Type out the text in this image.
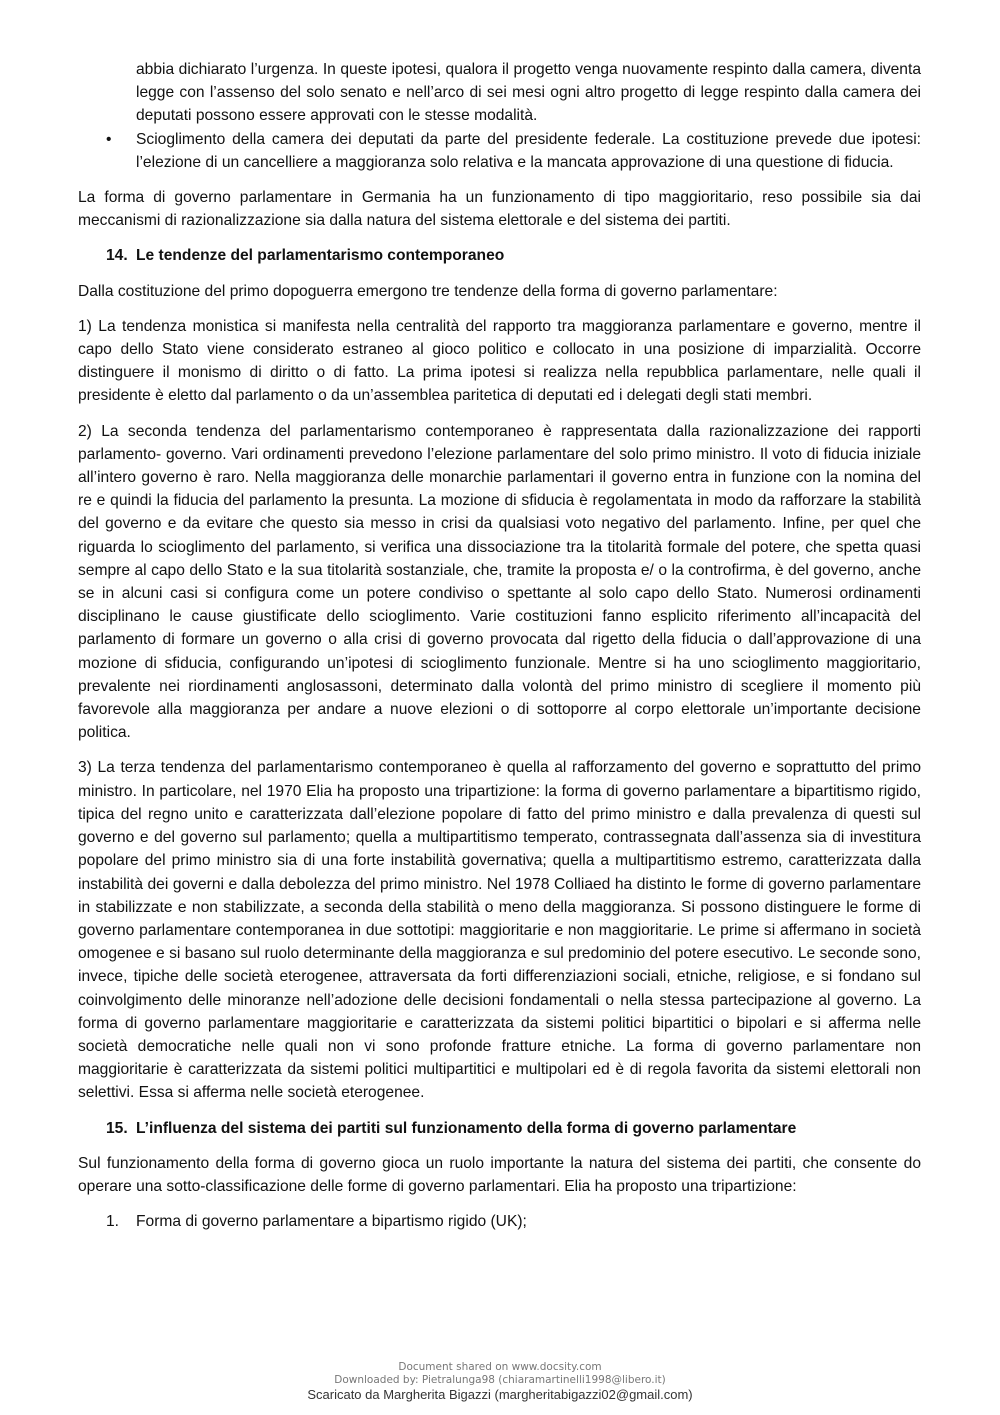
abbia dichiarato l’urgenza. In queste ipotesi, qualora il progetto venga nuovamente respinto dalla camera, diventa legge con l’assenso del solo senato e nell’arco di sei mesi ogni altro progetto di legge respinto dalla camera dei deputati possono essere approvati con le stesse modalità.

• Scioglimento della camera dei deputati da parte del presidente federale. La costituzione prevede due ipotesi: l’elezione di un cancelliere a maggioranza solo relativa e la mancata approvazione di una questione di fiducia.

La forma di governo parlamentare in Germania ha un funzionamento di tipo maggioritario, reso possibile sia dai meccanismi di razionalizzazione sia dalla natura del sistema elettorale e del sistema dei partiti.

14. Le tendenze del parlamentarismo contemporaneo

Dalla costituzione del primo dopoguerra emergono tre tendenze della forma di governo parlamentare:

1) La tendenza monistica si manifesta nella centralità del rapporto tra maggioranza parlamentare e governo, mentre il capo dello Stato viene considerato estraneo al gioco politico e collocato in una posizione di imparzialità. Occorre distinguere il monismo di diritto o di fatto. La prima ipotesi si realizza nella repubblica parlamentare, nelle quali il presidente è eletto dal parlamento o da un’assemblea paritetica di deputati ed i delegati degli stati membri.

2) La seconda tendenza del parlamentarismo contemporaneo è rappresentata dalla razionalizzazione dei rapporti parlamento- governo. Vari ordinamenti prevedono l’elezione parlamentare del solo primo ministro. Il voto di fiducia iniziale all’intero governo è raro. Nella maggioranza delle monarchie parlamentari il governo entra in funzione con la nomina del re e quindi la fiducia del parlamento la presunta. La mozione di sfiducia è regolamentata in modo da rafforzare la stabilità del governo e da evitare che questo sia messo in crisi da qualsiasi voto negativo del parlamento. Infine, per quel che riguarda lo scioglimento del parlamento, si verifica una dissociazione tra la titolarità formale del potere, che spetta quasi sempre al capo dello Stato e la sua titolarità sostanziale, che, tramite la proposta e/ o la controfirma, è del governo, anche se in alcuni casi si configura come un potere condiviso o spettante al solo capo dello Stato. Numerosi ordinamenti disciplinano le cause giustificate dello scioglimento. Varie costituzioni fanno esplicito riferimento all’incapacità del parlamento di formare un governo o alla crisi di governo provocata dal rigetto della fiducia o dall’approvazione di una mozione di sfiducia, configurando un’ipotesi di scioglimento funzionale. Mentre si ha uno scioglimento maggioritario, prevalente nei riordinamenti anglosassoni, determinato dalla volontà del primo ministro di scegliere il momento più favorevole alla maggioranza per andare a nuove elezioni o di sottoporre al corpo elettorale un’importante decisione politica.

3) La terza tendenza del parlamentarismo contemporaneo è quella al rafforzamento del governo e soprattutto del primo ministro. In particolare, nel 1970 Elia ha proposto una tripartizione: la forma di governo parlamentare a bipartitismo rigido, tipica del regno unito e caratterizzata dall’elezione popolare di fatto del primo ministro e dalla prevalenza di questi sul governo e del governo sul parlamento; quella a multipartitismo temperato, contrassegnata dall’assenza sia di investitura popolare del primo ministro sia di una forte instabilità governativa; quella a multipartitismo estremo, caratterizzata dalla instabilità dei governi e dalla debolezza del primo ministro. Nel 1978 Colliaed ha distinto le forme di governo parlamentare in stabilizzate e non stabilizzate, a seconda della stabilità o meno della maggioranza. Si possono distinguere le forme di governo parlamentare contemporanea in due sottotipi: maggioritarie e non maggioritarie. Le prime si affermano in società omogenee e si basano sul ruolo determinante della maggioranza e sul predominio del potere esecutivo. Le seconde sono, invece, tipiche delle società eterogenee, attraversata da forti differenziazioni sociali, etniche, religiose, e si fondano sul coinvolgimento delle minoranze nell’adozione delle decisioni fondamentali o nella stessa partecipazione al governo. La forma di governo parlamentare maggioritarie e caratterizzata da sistemi politici bipartitici o bipolari e si afferma nelle società democratiche nelle quali non vi sono profonde fratture etniche. La forma di governo parlamentare non maggioritarie è caratterizzata da sistemi politici multipartitici e multipolari ed è di regola favorita da sistemi elettorali non selettivi. Essa si afferma nelle società eterogenee.

15. L’influenza del sistema dei partiti sul funzionamento della forma di governo parlamentare

Sul funzionamento della forma di governo gioca un ruolo importante la natura del sistema dei partiti, che consente do operare una sotto-classificazione delle forme di governo parlamentari. Elia ha proposto una tripartizione:

1. Forma di governo parlamentare a bipartismo rigido (UK);
Document shared on www.docsity.com
Downloaded by: Pietralunga98 (chiaramartinelli1998@libero.it)
Scaricato da Margherita Bigazzi (margheritabigazzi02@gmail.com)
